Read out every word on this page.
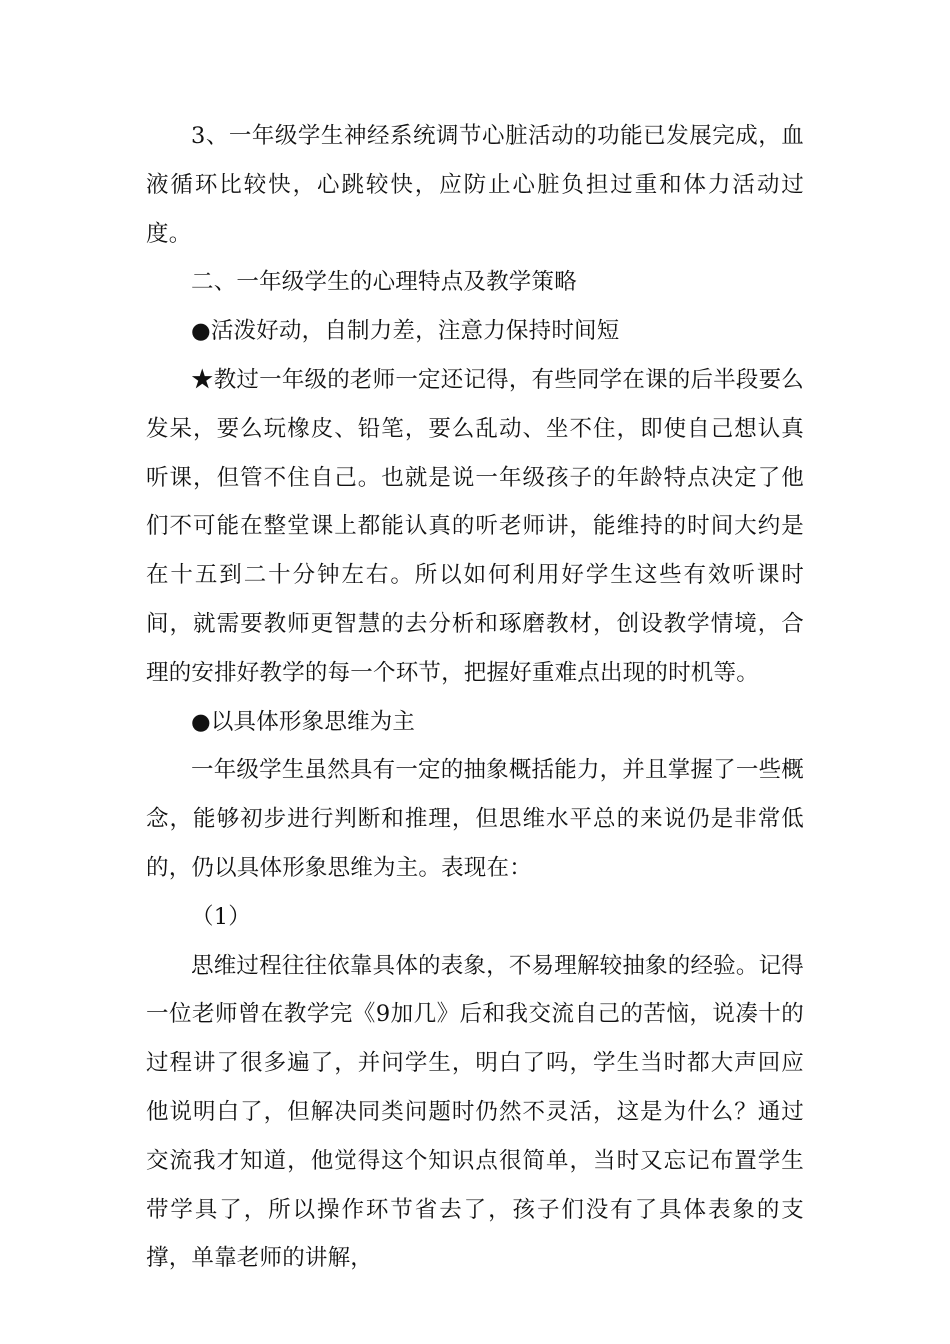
3、一年级学生神经系统调节心脏活动的功能已发展完成，血液循环比较快，心跳较快，应防止心脏负担过重和体力活动过度。

二、一年级学生的心理特点及教学策略

●活泼好动，自制力差，注意力保持时间短

★教过一年级的老师一定还记得，有些同学在课的后半段要么发呆，要么玩橡皮、铅笔，要么乱动、坐不住，即使自己想认真听课，但管不住自己。也就是说一年级孩子的年龄特点决定了他们不可能在整堂课上都能认真的听老师讲，能维持的时间大约是在十五到二十分钟左右。所以如何利用好学生这些有效听课时间，就需要教师更智慧的去分析和琢磨教材，创设教学情境，合理的安排好教学的每一个环节，把握好重难点出现的时机等。

●以具体形象思维为主

一年级学生虽然具有一定的抽象概括能力，并且掌握了一些概念，能够初步进行判断和推理，但思维水平总的来说仍是非常低的，仍以具体形象思维为主。表现在：

（1）

思维过程往往依靠具体的表象，不易理解较抽象的经验。记得一位老师曾在教学完《9加几》后和我交流自己的苦恼，说凑十的过程讲了很多遍了，并问学生，明白了吗，学生当时都大声回应他说明白了，但解决同类问题时仍然不灵活，这是为什么？通过交流我才知道，他觉得这个知识点很简单，当时又忘记布置学生带学具了，所以操作环节省去了，孩子们没有了具体表象的支撑，单靠老师的讲解，
